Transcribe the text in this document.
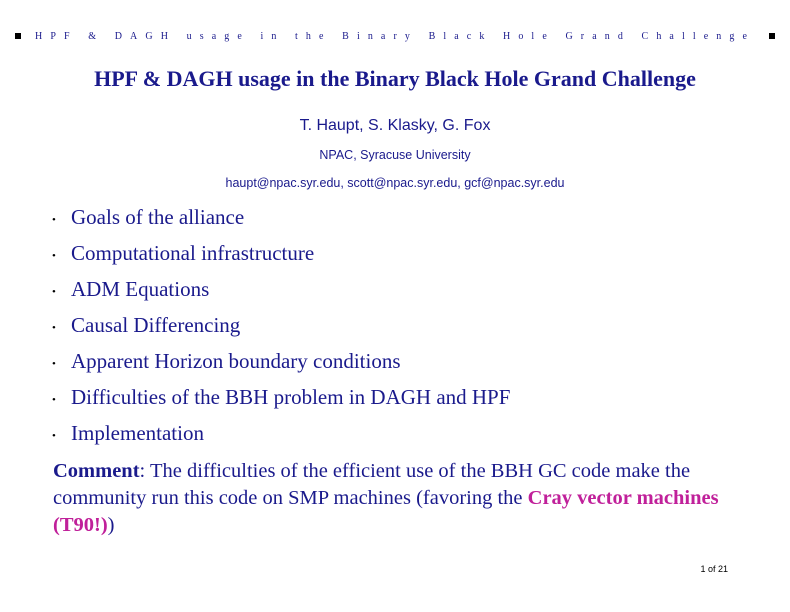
HPF & DAGH usage in the Binary Black Hole Grand Challenge
HPF & DAGH usage in the Binary Black Hole Grand Challenge
T. Haupt, S. Klasky, G. Fox
NPAC, Syracuse University
haupt@npac.syr.edu, scott@npac.syr.edu, gcf@npac.syr.edu
• Goals of the alliance
• Computational infrastructure
• ADM Equations
• Causal Differencing
• Apparent Horizon boundary conditions
• Difficulties of the BBH problem in DAGH and HPF
• Implementation
Comment: The difficulties of the efficient use of the BBH GC code make the community run this code on SMP machines (favoring the Cray vector machines (T90!))
1 of 21
